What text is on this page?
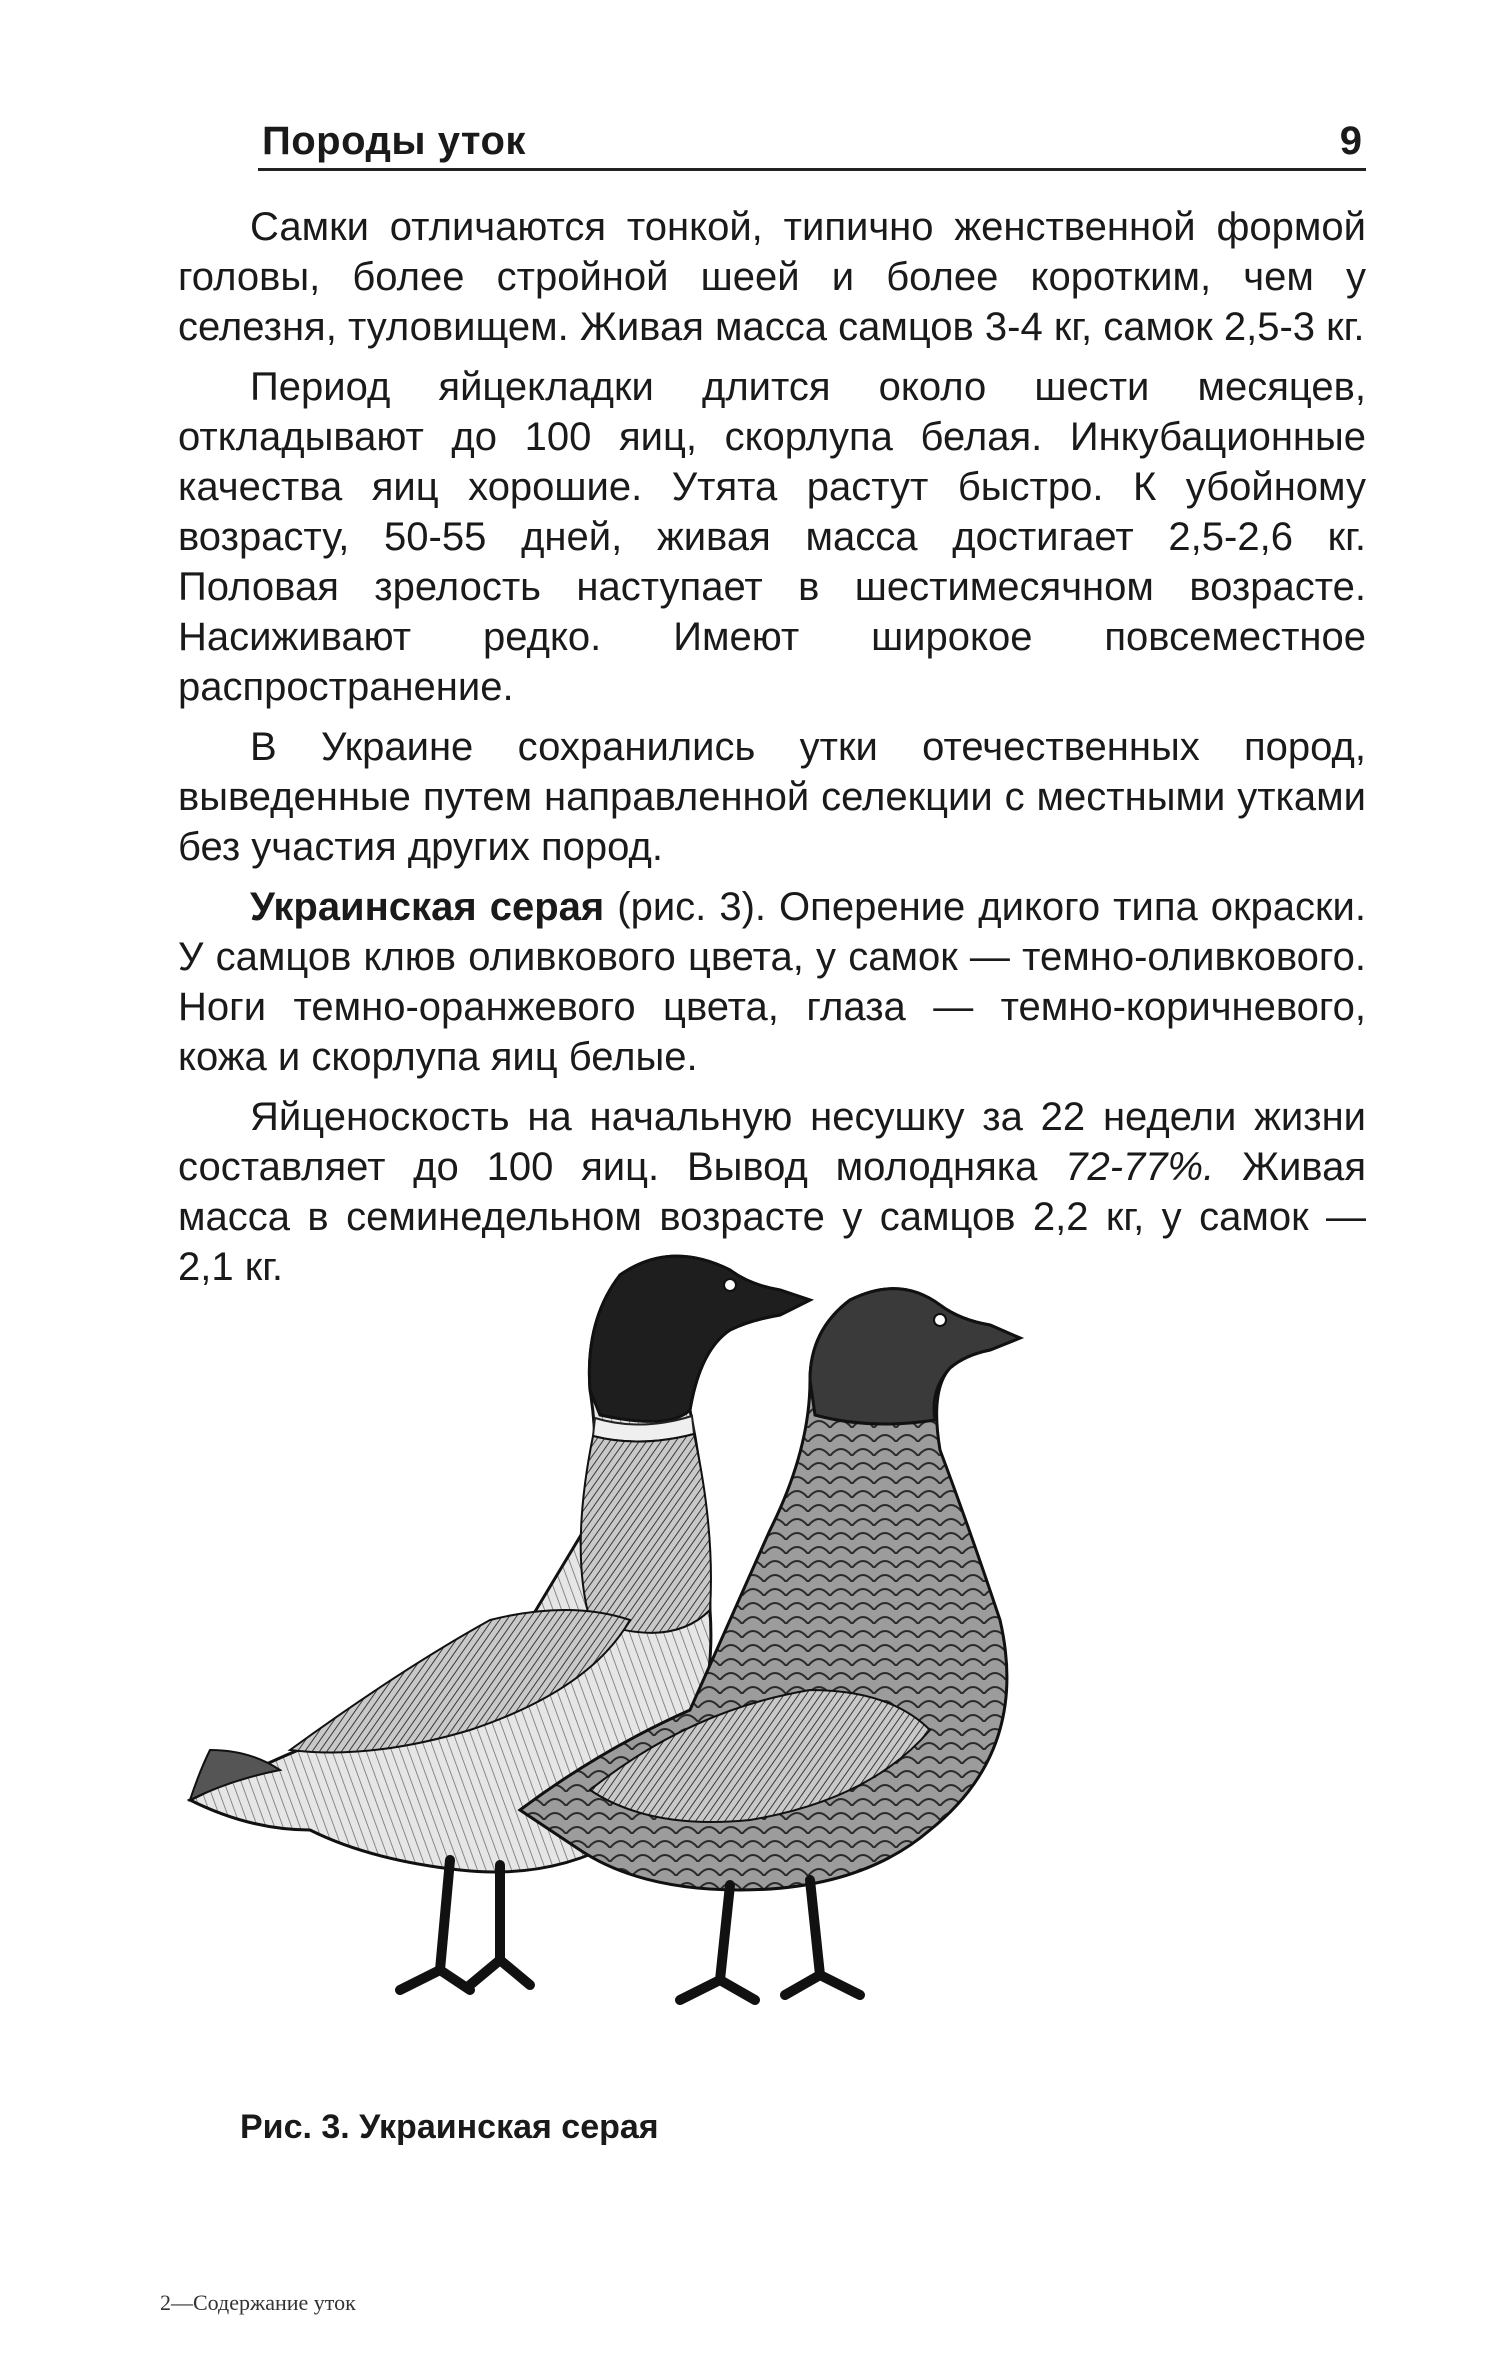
Породы уток	9

Самки отличаются тонкой, типично женственной формой головы, более стройной шеей и более коротким, чем у селезня, туловищем. Живая масса самцов 3-4 кг, самок 2,5-3 кг.

Период яйцекладки длится около шести месяцев, откладывают до 100 яиц, скорлупа белая. Инкубационные качества яиц хорошие. Утята растут быстро. К убойному возрасту, 50-55 дней, живая масса достигает 2,5-2,6 кг. Половая зрелость наступает в шестимесячном возрасте. Насиживают редко. Имеют широкое повсеместное распространение.

В Украине сохранились утки отечественных пород, выведенные путем направленной селекции с местными утками без участия других пород.

Украинская серая (рис. 3). Оперение дикого типа окраски. У самцов клюв оливкового цвета, у самок — темно-оливкового. Ноги темно-оранжевого цвета, глаза — темно-коричневого, кожа и скорлупа яиц белые.

Яйценоскость на начальную несушку за 22 недели жизни составляет до 100 яиц. Вывод молодняка 72-77%. Живая масса в семинедельном возрасте у самцов 2,2 кг, у самок — 2,1 кг.

Рис. 3. Украинская серая
2—Содержание уток
